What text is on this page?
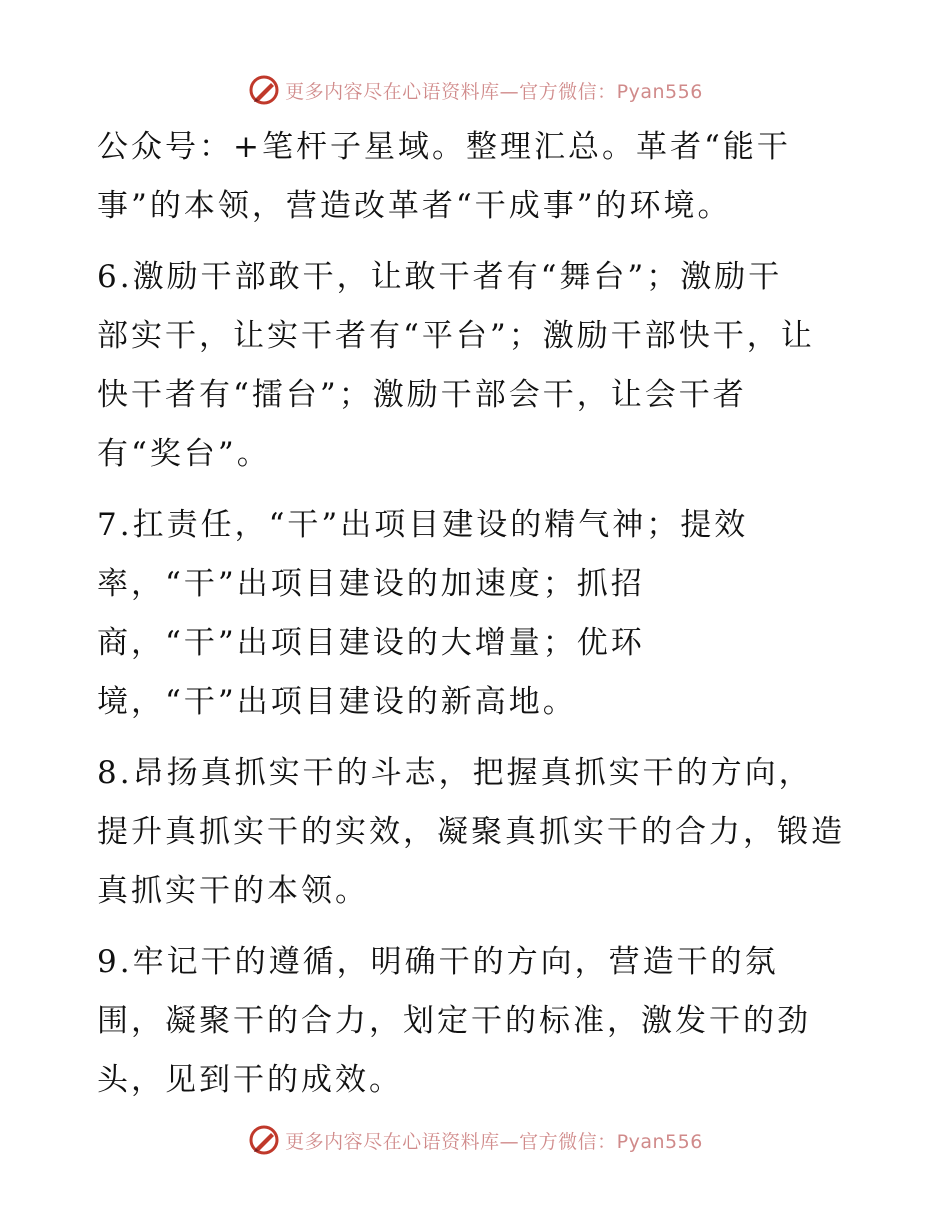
更多内容尽在心语资料库—官方微信：Pyan556
公众号：+笔杆子星域。整理汇总。革者“能干
事”的本领，营造改革者“干成事”的环境。
6.激励干部敢干，让敢干者有“舞台”；激励干
部实干，让实干者有“平台”；激励干部快干，让
快干者有“擂台”；激励干部会干，让会干者
有“奖台”。
7.扛责任，“干”出项目建设的精气神；提效
率，“干”出项目建设的加速度；抓招
商，“干”出项目建设的大增量；优环
境，“干”出项目建设的新高地。
8.昂扬真抓实干的斗志，把握真抓实干的方向，
提升真抓实干的实效，凝聚真抓实干的合力，锻造
真抓实干的本领。
9.牢记干的遵循，明确干的方向，营造干的氛
围，凝聚干的合力，划定干的标准，激发干的劲
头，见到干的成效。
更多内容尽在心语资料库—官方微信：Pyan556
